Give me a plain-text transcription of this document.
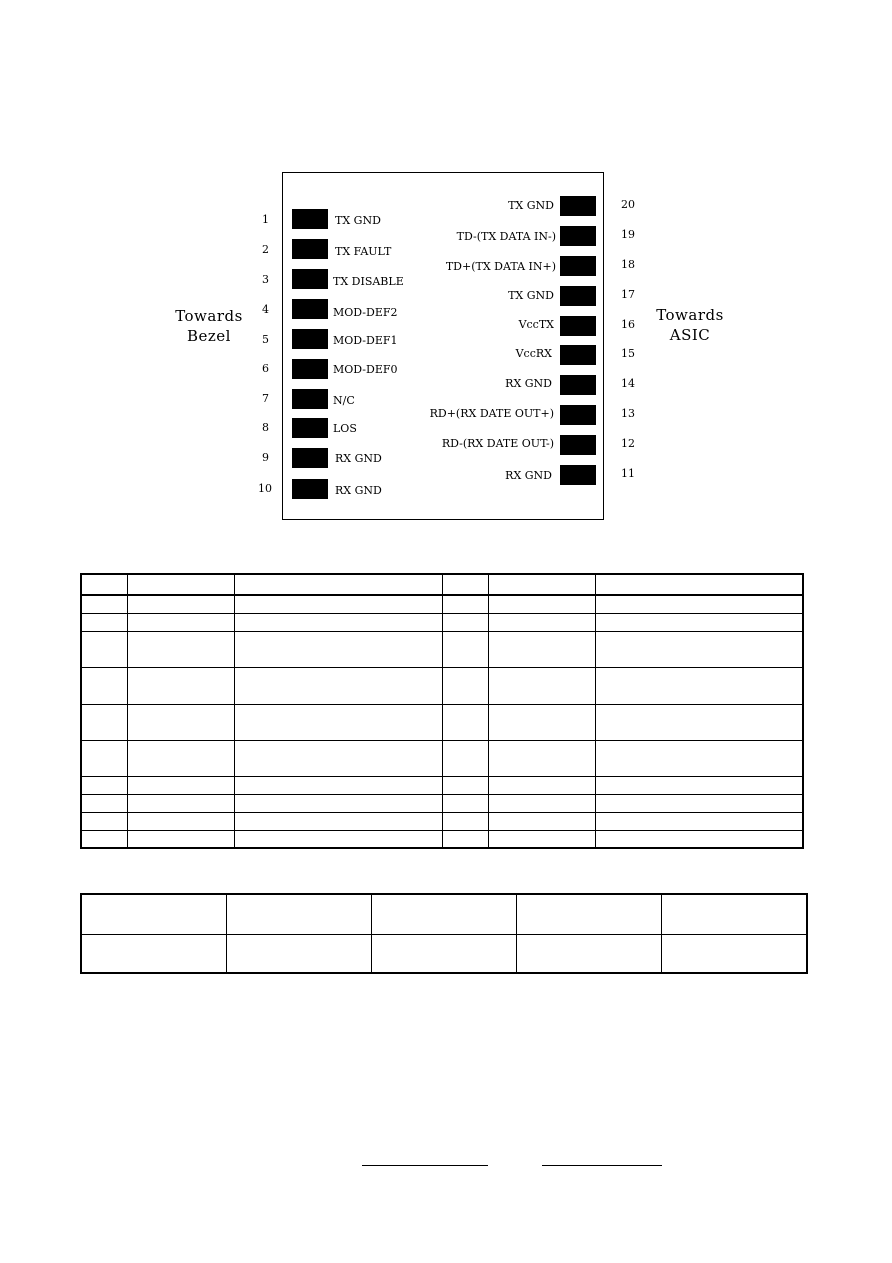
Towards
Bezel
Towards
ASIC
1	TX GND
2	TX FAULT
3	TX DISABLE
4	MOD-DEF2
5	MOD-DEF1
6	MOD-DEF0
7	N/C
8	LOS
9	RX GND
10	RX GND
TX GND	20
TD-(TX DATA IN-)	19
TD+(TX DATA IN+)	18
TX GND	17
VccTX	16
VccRX	15
RX GND	14
RD+(RX DATE OUT+)	13
RD-(RX DATE OUT-)	12
RX GND	11
